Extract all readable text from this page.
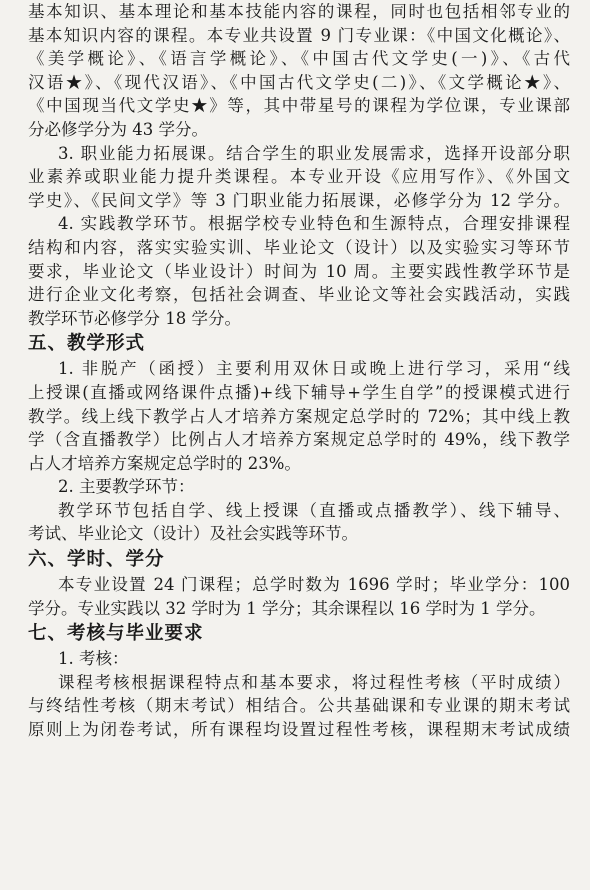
基本知识、基本理论和基本技能内容的课程，同时也包括相邻专业的
基本知识内容的课程。本专业共设置 9 门专业课：《中国文化概论》、
《美学概论》、《语言学概论》、《中国古代文学史(一)》、《古代
汉语★》、《现代汉语》、《中国古代文学史(二)》、《文学概论★》、
《中国现当代文学史★》等，其中带星号的课程为学位课，专业课部
分必修学分为 43 学分。
3. 职业能力拓展课。结合学生的职业发展需求，选择开设部分职
业素养或职业能力提升类课程。本专业开设《应用写作》、《外国文
学史》、《民间文学》等 3 门职业能力拓展课，必修学分为 12 学分。
4. 实践教学环节。根据学校专业特色和生源特点，合理安排课程
结构和内容，落实实验实训、毕业论文（设计）以及实验实习等环节
要求，毕业论文（毕业设计）时间为 10 周。主要实践性教学环节是
进行企业文化考察，包括社会调查、毕业论文等社会实践活动，实践
教学环节必修学分 18 学分。
五、教学形式
1. 非脱产（函授）主要利用双休日或晚上进行学习，采用“线
上授课(直播或网络课件点播)+线下辅导+学生自学”的授课模式进行
教学。线上线下教学占人才培养方案规定总学时的 72%；其中线上教
学（含直播教学）比例占人才培养方案规定总学时的 49%，线下教学
占人才培养方案规定总学时的 23%。
2. 主要教学环节：
教学环节包括自学、线上授课（直播或点播教学）、线下辅导、
考试、毕业论文（设计）及社会实践等环节。
六、学时、学分
本专业设置 24 门课程；总学时数为 1696 学时；毕业学分：100
学分。专业实践以 32 学时为 1 学分；其余课程以 16 学时为 1 学分。
七、考核与毕业要求
1. 考核：
课程考核根据课程特点和基本要求，将过程性考核（平时成绩）
与终结性考核（期末考试）相结合。公共基础课和专业课的期末考试
原则上为闭卷考试，所有课程均设置过程性考核，课程期末考试成绩
